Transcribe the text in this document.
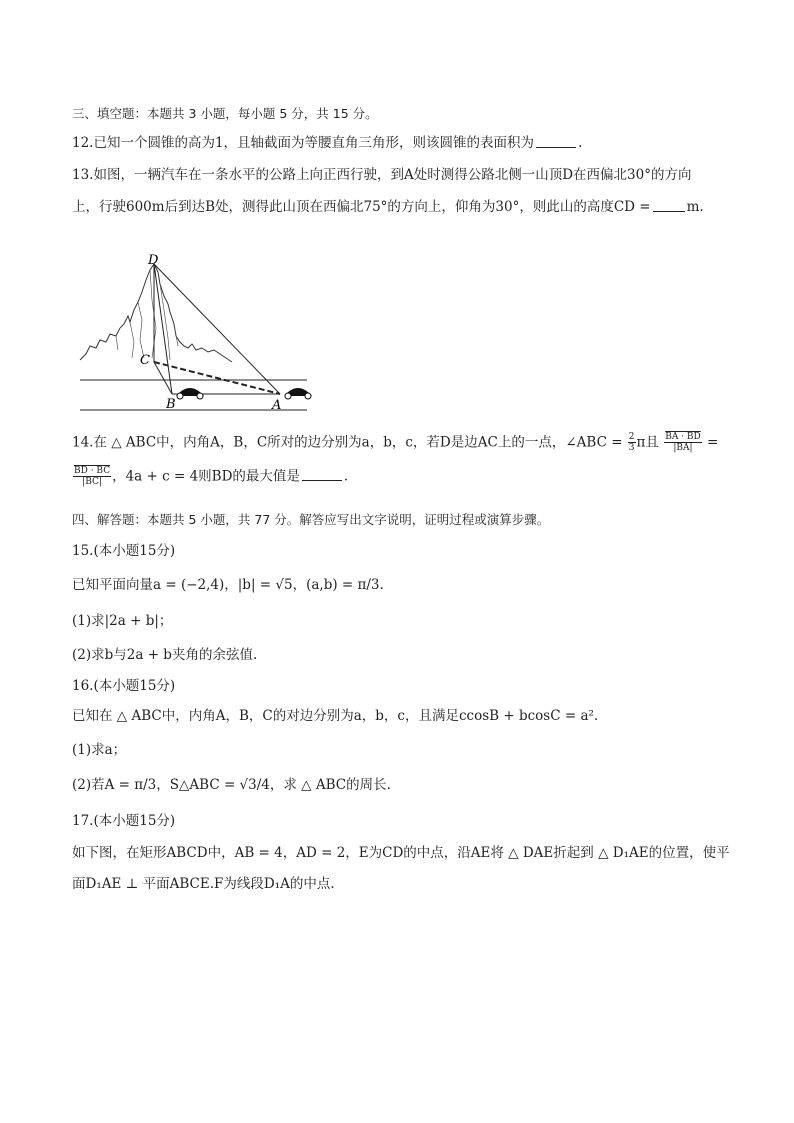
三、填空题：本题共 3 小题，每小题 5 分，共 15 分。
12.已知一个圆锥的高为1，且轴截面为等腰直角三角形，则该圆锥的表面积为	.
13.如图，一辆汽车在一条水平的公路上向正西行驶，到A处时测得公路北侧一山顶D在西偏北30°的方向
上，行驶600m后到达B处，测得此山顶在西偏北75°的方向上，仰角为30°，则此山的高度CD =	m.
D
C
B	A
14.在 △ ABC中，内角A，B，C所对的边分别为a，b，c，若D是边AC上的一点，∠ABC = $\frac{2}{3}$ π且 $\frac{BA \cdot BD}{|BA|}$ =
$\frac{BD \cdot BC}{|BC|}$ ，4a + c = 4则BD的最大值是	.
四、解答题：本题共 5 小题，共 77 分。解答应写出文字说明，证明过程或演算步骤。
15.(本小题15分)
已知平面向量a = (−2,4)，|b| = √5，(a,b) = π/3.
(1)求|2a + b|；
(2)求b与2a + b夹角的余弦值.
16.(本小题15分)
已知在 △ ABC中，内角A，B，C的对边分别为a，b，c，且满足ccosB + bcosC = a².
(1)求a；
(2)若A = π/3，S△ABC = √3/4，求 △ ABC的周长.
17.(本小题15分)
如下图，在矩形ABCD中，AB = 4，AD = 2，E为CD的中点，沿AE将 △ DAE折起到 △ D₁AE的位置，使平
面D₁AE ⊥ 平面ABCE.F为线段D₁A的中点.
